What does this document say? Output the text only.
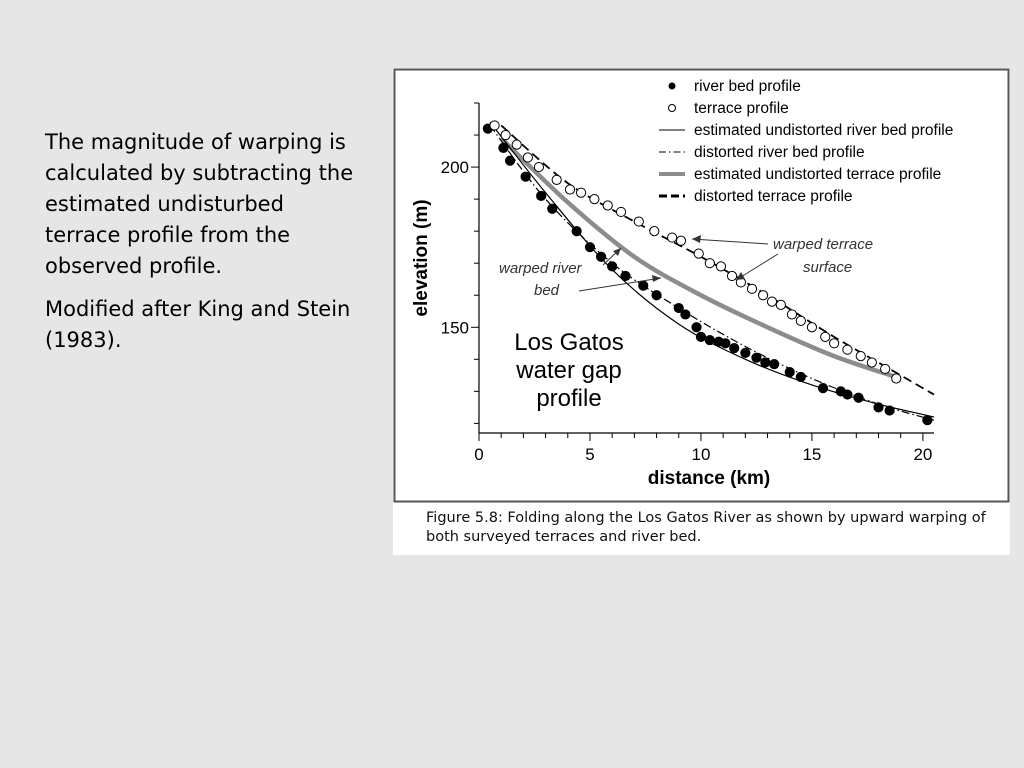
The magnitude of warping is calculated by subtracting the estimated undisturbed terrace profile from the observed profile.

Modified after King and Stein (1983).

150
200
0	5	10	15	20
river bed profile
terrace profile
estimated undistorted river bed profile
distorted river bed profile
estimated undistorted terrace profile
distorted terrace profile
Los Gatos
water gap
profile
warped river
bed
warped terrace
surface
distance (km)
elevation (m)
Figure 5.8: Folding along the Los Gatos River as shown by upward warping of both surveyed terraces and river bed.
